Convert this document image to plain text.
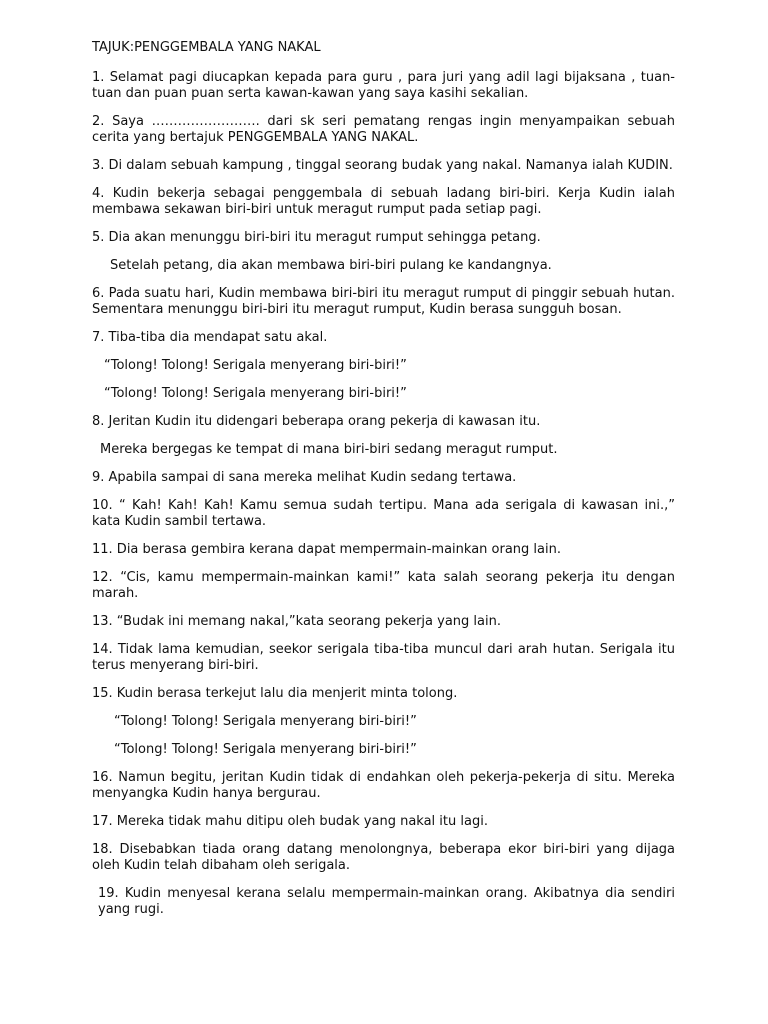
TAJUK:PENGGEMBALA YANG NAKAL

1. Selamat pagi diucapkan kepada para guru , para juri yang adil lagi bijaksana , tuan-tuan dan puan puan serta kawan-kawan yang saya kasihi sekalian.

2. Saya ……………………. dari sk seri pematang rengas ingin menyampaikan sebuah cerita yang bertajuk PENGGEMBALA YANG NAKAL.

3. Di dalam sebuah kampung , tinggal seorang budak yang nakal. Namanya ialah KUDIN.

4. Kudin bekerja sebagai penggembala di sebuah ladang biri-biri. Kerja Kudin ialah membawa sekawan biri-biri untuk meragut rumput pada setiap pagi.

5. Dia akan menunggu biri-biri itu meragut rumput sehingga petang.

Setelah petang, dia akan membawa biri-biri pulang ke kandangnya.

6. Pada suatu hari, Kudin membawa biri-biri itu meragut rumput di pinggir sebuah hutan. Sementara menunggu biri-biri itu meragut rumput, Kudin berasa sungguh bosan.

7. Tiba-tiba dia mendapat satu akal.

“Tolong! Tolong! Serigala menyerang biri-biri!”

“Tolong! Tolong! Serigala menyerang biri-biri!”

8. Jeritan Kudin itu didengari beberapa orang pekerja di kawasan itu.

Mereka bergegas ke tempat di mana biri-biri sedang meragut rumput.

9. Apabila sampai di sana mereka melihat Kudin sedang tertawa.

10. “ Kah! Kah! Kah! Kamu semua sudah tertipu. Mana ada serigala di kawasan ini.,” kata Kudin sambil tertawa.

11. Dia berasa gembira kerana dapat mempermain-mainkan orang lain.

12. “Cis, kamu mempermain-mainkan kami!” kata salah seorang pekerja itu dengan marah.

13. “Budak ini memang nakal,”kata seorang pekerja yang lain.

14. Tidak lama kemudian, seekor serigala tiba-tiba muncul dari arah hutan. Serigala itu terus menyerang biri-biri.

15. Kudin berasa terkejut lalu dia menjerit minta tolong.

“Tolong! Tolong! Serigala menyerang biri-biri!”

“Tolong! Tolong! Serigala menyerang biri-biri!”

16. Namun begitu, jeritan Kudin tidak di endahkan oleh pekerja-pekerja di situ. Mereka menyangka Kudin hanya bergurau.

17. Mereka tidak mahu ditipu oleh budak yang nakal itu lagi.

18. Disebabkan tiada orang datang menolongnya, beberapa ekor biri-biri yang dijaga oleh Kudin telah dibaham oleh serigala.

19. Kudin menyesal kerana selalu mempermain-mainkan orang. Akibatnya dia sendiri yang rugi.
